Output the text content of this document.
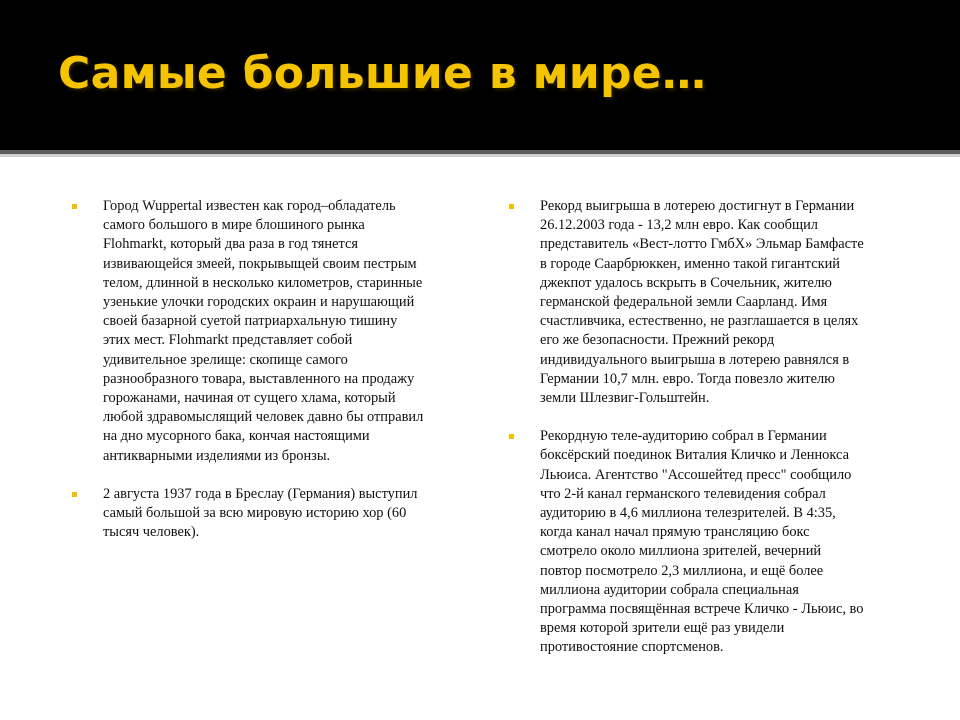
Самые большие в мире…
Город Wuppertal известен как город–обладатель
самого большого в мире блошиного рынка
Flohmarkt, который два раза в год тянется
извивающейся змеей, покрывыщей своим пестрым
телом, длинной в несколько километров, старинные
узенькие улочки городских окраин и нарушающий
своей базарной суетой патриархальную тишину
этих мест. Flohmarkt представляет собой
удивительное зрелище: скопище самого
разнообразного товара, выставленного на продажу
горожанами, начиная от сущего хлама, который
любой здравомыслящий человек давно бы отправил
на дно мусорного бака, кончая настоящими
антикварными изделиями из бронзы.
2 августа 1937 года в Бреслау (Германия) выступил
самый большой за всю мировую историю хор (60
тысяч человек).
Рекорд выигрыша в лотерею достигнут в Германии
26.12.2003 года - 13,2 млн евро. Как сообщил
представитель «Вест-лотто ГмбХ» Эльмар Бамфасте
в городе Саарбрюккен, именно такой гигантский
джекпот удалось вскрыть в Сочельник, жителю
германской федеральной земли Саарланд. Имя
счастливчика, естественно, не разглашается в целях
его же безопасности. Прежний рекорд
индивидуального выигрыша в лотерею равнялся в
Германии 10,7 млн. евро. Тогда повезло жителю
земли Шлезвиг-Гольштейн.
Рекордную теле-аудиторию собрал в Германии
боксёрский поединок Виталия Кличко и Леннокса
Льюиса. Агентство "Ассошейтед пресс" сообщило
что 2-й канал германского телевидения собрал
аудиторию в 4,6 миллиона телезрителей. В 4:35,
когда канал начал прямую трансляцию бокс
смотрело около миллиона зрителей, вечерний
повтор посмотрело 2,3 миллиона, и ещё более
миллиона аудитории собрала специальная
программа посвящённая встрече Кличко - Льюис, во
время которой зрители ещё раз увидели
противостояние спортсменов.
